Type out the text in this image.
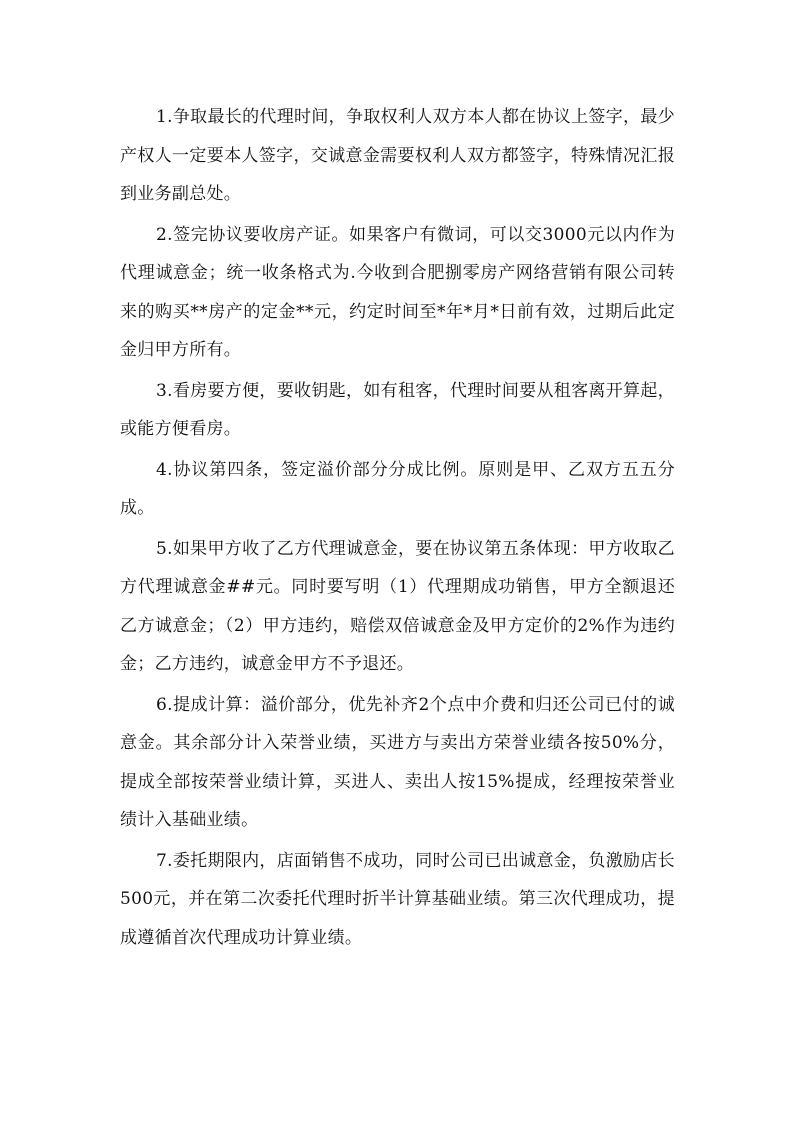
1.争取最长的代理时间，争取权利人双方本人都在协议上签字，最少产权人一定要本人签字，交诚意金需要权利人双方都签字，特殊情况汇报到业务副总处。

2.签完协议要收房产证。如果客户有微词，可以交3000元以内作为代理诚意金；统一收条格式为.今收到合肥捌零房产网络营销有限公司转来的购买**房产的定金**元，约定时间至*年*月*日前有效，过期后此定金归甲方所有。

3.看房要方便，要收钥匙，如有租客，代理时间要从租客离开算起，或能方便看房。

4.协议第四条，签定溢价部分分成比例。原则是甲、乙双方五五分成。

5.如果甲方收了乙方代理诚意金，要在协议第五条体现：甲方收取乙方代理诚意金##元。同时要写明（1）代理期成功销售，甲方全额退还乙方诚意金；（2）甲方违约，赔偿双倍诚意金及甲方定价的2%作为违约金；乙方违约，诚意金甲方不予退还。

6.提成计算：溢价部分，优先补齐2个点中介费和归还公司已付的诚意金。其余部分计入荣誉业绩，买进方与卖出方荣誉业绩各按50%分，提成全部按荣誉业绩计算，买进人、卖出人按15%提成，经理按荣誉业绩计入基础业绩。

7.委托期限内，店面销售不成功，同时公司已出诚意金，负激励店长500元，并在第二次委托代理时折半计算基础业绩。第三次代理成功，提成遵循首次代理成功计算业绩。
